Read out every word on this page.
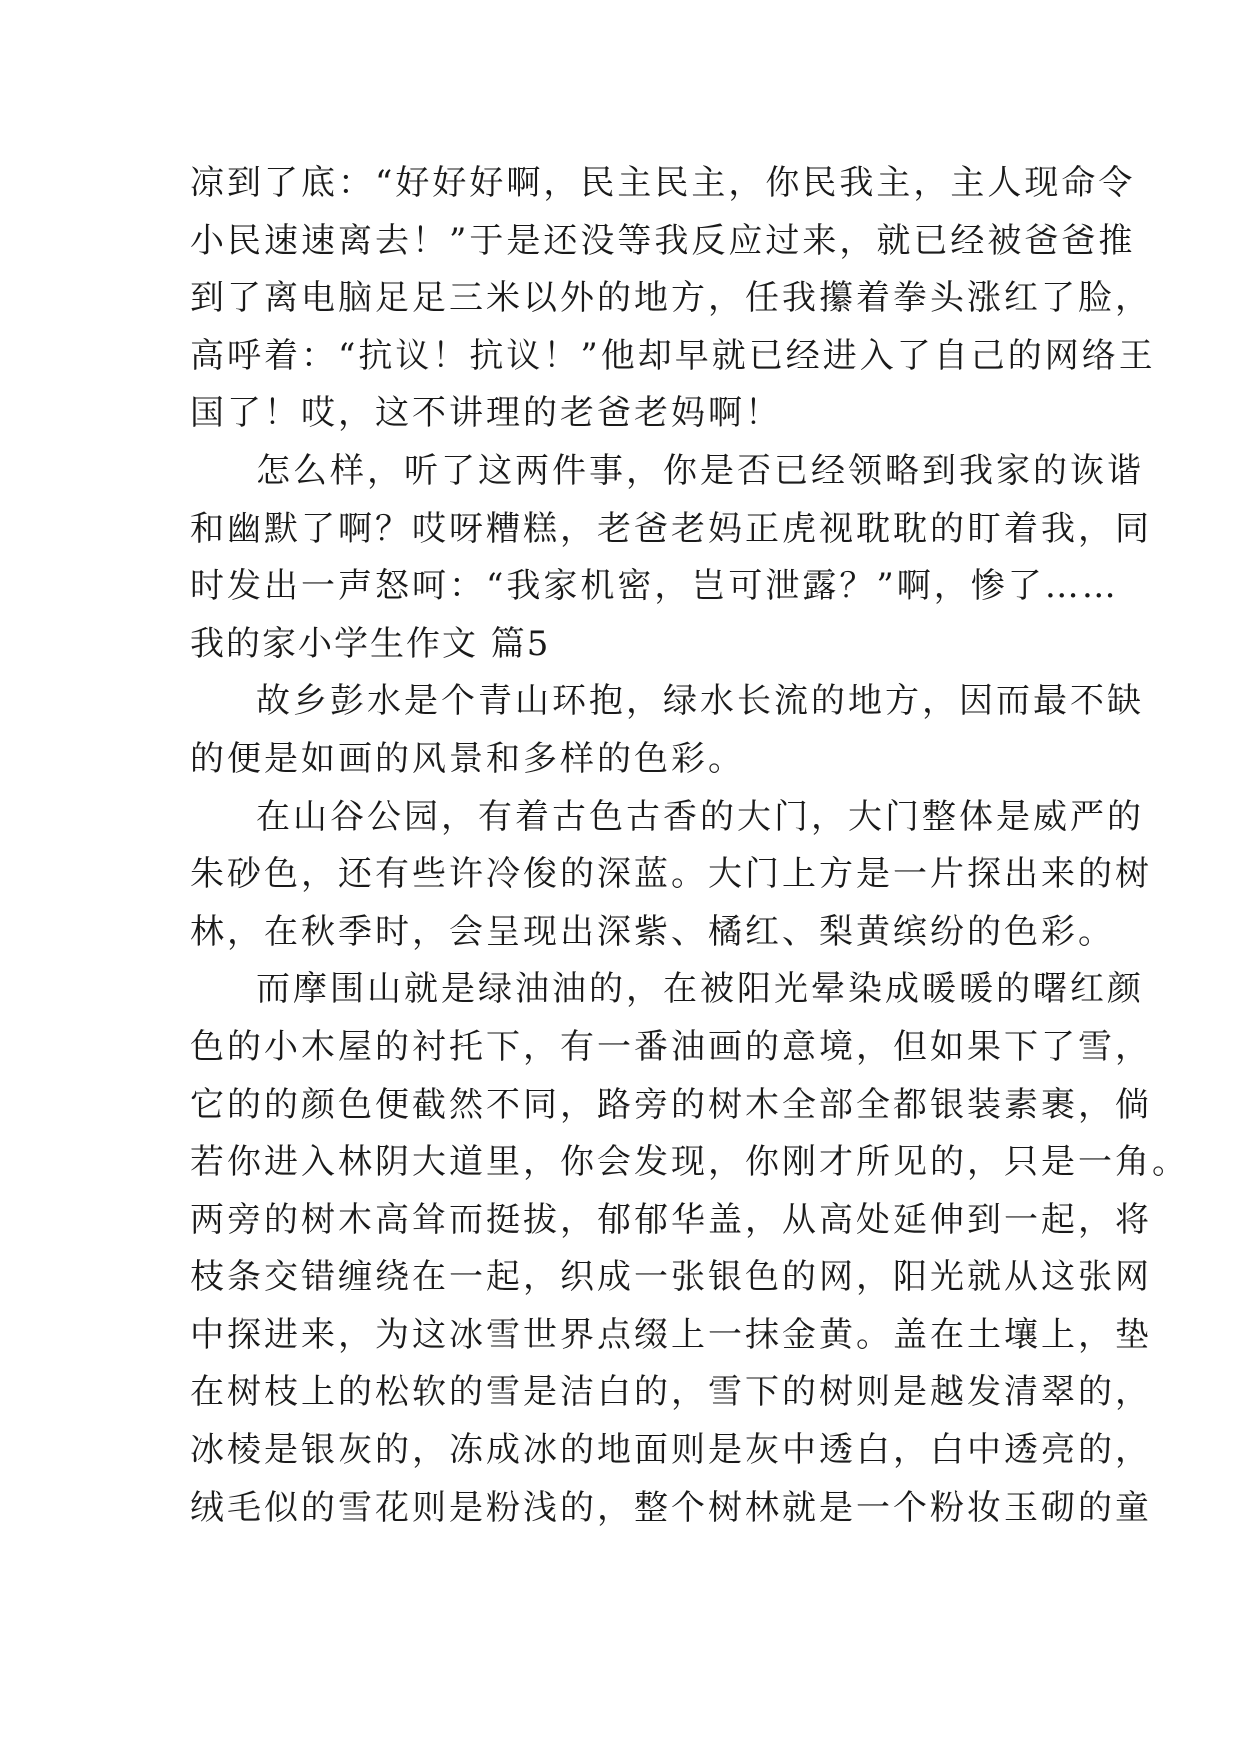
凉到了底：“好好好啊，民主民主，你民我主，主人现命令
小民速速离去！”于是还没等我反应过来，就已经被爸爸推
到了离电脑足足三米以外的地方，任我攥着拳头涨红了脸，
高呼着：“抗议！抗议！”他却早就已经进入了自己的网络王
国了！哎，这不讲理的老爸老妈啊！
怎么样，听了这两件事，你是否已经领略到我家的诙谐
和幽默了啊？哎呀糟糕，老爸老妈正虎视耽耽的盯着我，同
时发出一声怒呵：“我家机密，岂可泄露？”啊，惨了……
我的家小学生作文 篇5
故乡彭水是个青山环抱，绿水长流的地方，因而最不缺
的便是如画的风景和多样的色彩。
在山谷公园，有着古色古香的大门，大门整体是威严的
朱砂色，还有些许冷俊的深蓝。大门上方是一片探出来的树
林，在秋季时，会呈现出深紫、橘红、梨黄缤纷的色彩。
而摩围山就是绿油油的，在被阳光晕染成暖暖的曙红颜
色的小木屋的衬托下，有一番油画的意境，但如果下了雪，
它的的颜色便截然不同，路旁的树木全部全都银装素裹，倘
若你进入林阴大道里，你会发现，你刚才所见的，只是一角。
两旁的树木高耸而挺拔，郁郁华盖，从高处延伸到一起，将
枝条交错缠绕在一起，织成一张银色的网，阳光就从这张网
中探进来，为这冰雪世界点缀上一抹金黄。盖在土壤上，垫
在树枝上的松软的雪是洁白的，雪下的树则是越发清翠的，
冰棱是银灰的，冻成冰的地面则是灰中透白，白中透亮的，
绒毛似的雪花则是粉浅的，整个树林就是一个粉妆玉砌的童
